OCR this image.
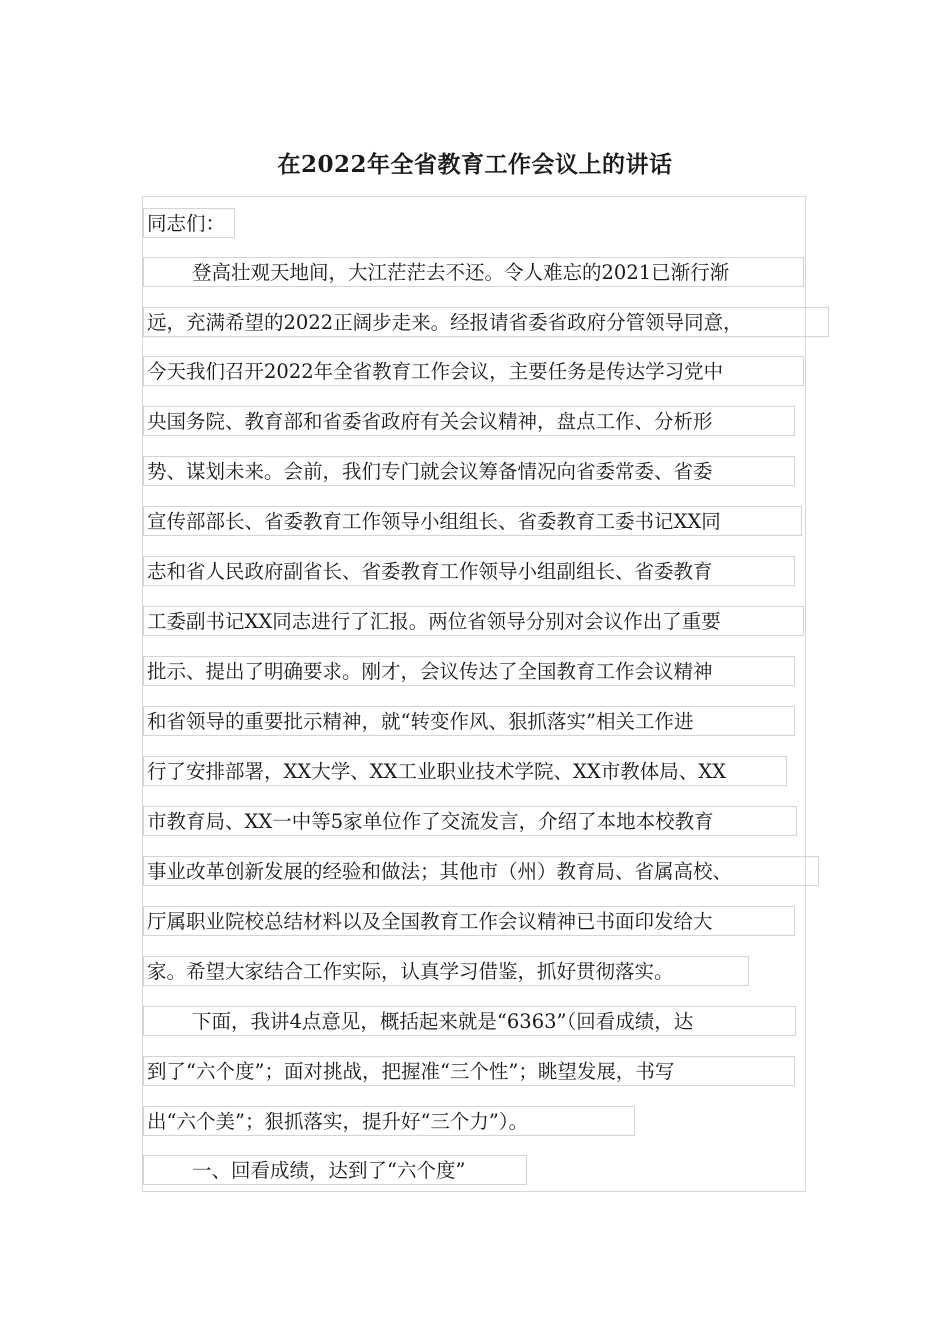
在2022年全省教育工作会议上的讲话
同志们：
登高壮观天地间，大江茫茫去不还。令人难忘的2021已渐行渐
远，充满希望的2022正阔步走来。经报请省委省政府分管领导同意，
今天我们召开2022年全省教育工作会议，主要任务是传达学习党中
央国务院、教育部和省委省政府有关会议精神，盘点工作、分析形
势、谋划未来。会前，我们专门就会议筹备情况向省委常委、省委
宣传部部长、省委教育工作领导小组组长、省委教育工委书记XX同
志和省人民政府副省长、省委教育工作领导小组副组长、省委教育
工委副书记XX同志进行了汇报。两位省领导分别对会议作出了重要
批示、提出了明确要求。刚才，会议传达了全国教育工作会议精神
和省领导的重要批示精神，就“转变作风、狠抓落实”相关工作进
行了安排部署，XX大学、XX工业职业技术学院、XX市教体局、XX
市教育局、XX一中等5家单位作了交流发言，介绍了本地本校教育
事业改革创新发展的经验和做法；其他市（州）教育局、省属高校、
厅属职业院校总结材料以及全国教育工作会议精神已书面印发给大
家。希望大家结合工作实际，认真学习借鉴，抓好贯彻落实。
下面，我讲4点意见，概括起来就是“6363”（回看成绩，达
到了“六个度”；面对挑战，把握准“三个性”；眺望发展，书写
出“六个美”；狠抓落实，提升好“三个力”）。
一、回看成绩，达到了“六个度”
